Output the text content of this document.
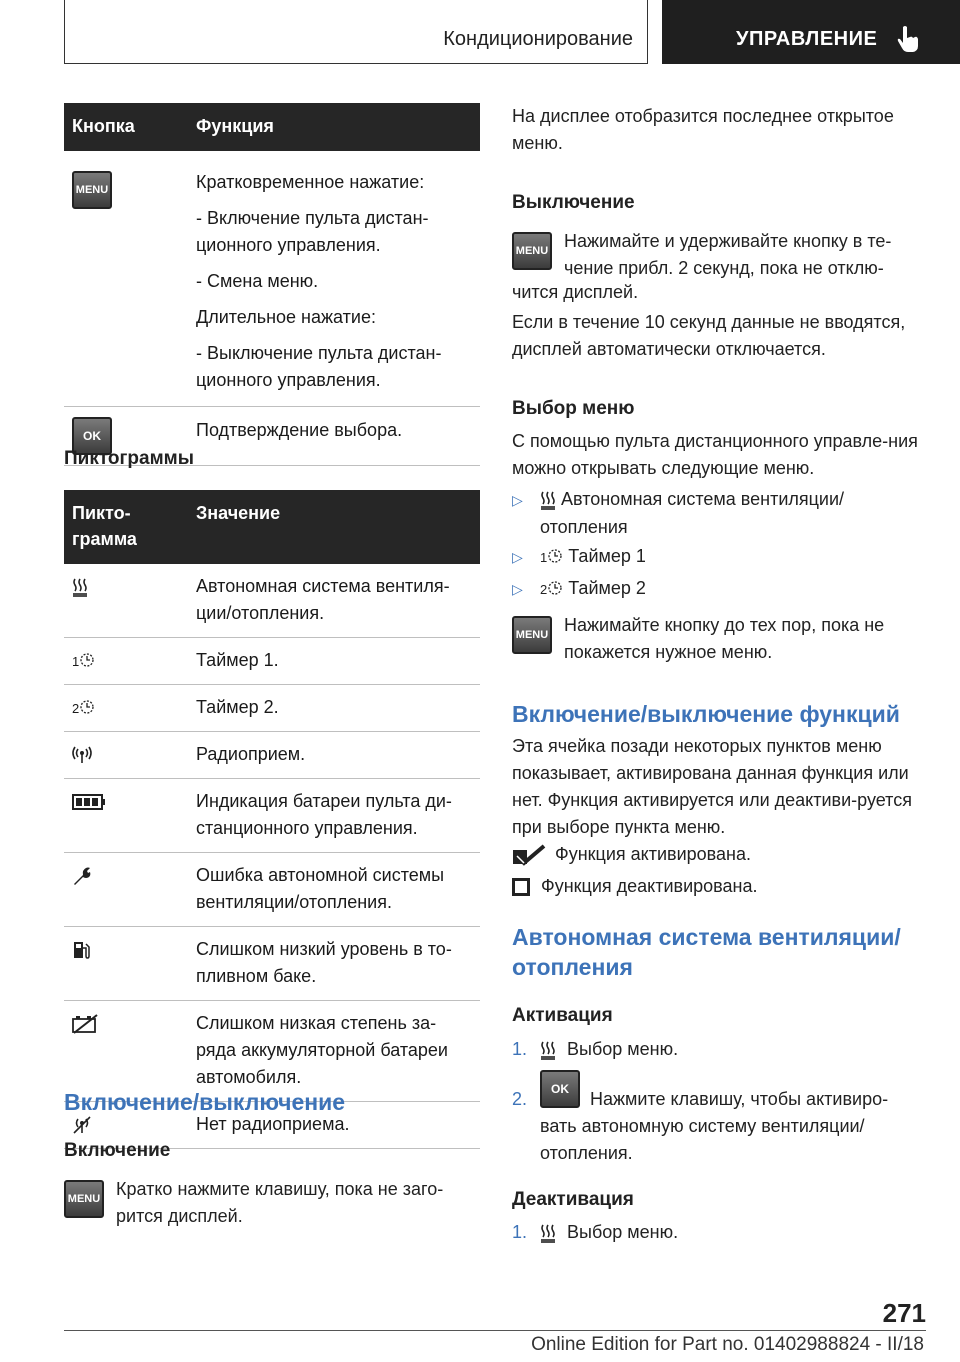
Кондиционирование	УПРАВЛЕНИЕ
Кнопка	Функция
MENU	Кратковременное нажатие:

- Включение пульта дистан-ционного управления.

- Смена меню.

Длительное нажатие:

- Выключение пульта дистан-ционного управления.

OK	Подтверждение выбора.

Пиктограммы
Пикто-грамма	Значение
	Автономная система вентиля-ции/отопления.

1	Таймер 1.

2	Таймер 2.
	Радиоприем.
	Индикация батареи пульта ди-станционного управления.
	Ошибка автономной системы вентиляции/отопления.
	Слишком низкий уровень в то-пливном баке.
	Слишком низкая степень за-ряда аккумуляторной батареи автомобиля.
	Нет радиоприема.
Включение/выключение
Включение
MENU Кратко нажмите клавишу, пока не заго-рится дисплей.
На дисплее отобразится последнее открытое меню.
Выключение
MENU Нажимайте и удерживайте кнопку в те-чение прибл. 2 секунд, пока не отклю-
чится дисплей.
Если в течение 10 секунд данные не вводятся, дисплей автоматически отключается.
Выбор меню
С помощью пульта дистанционного управле-ния можно открывать следующие меню.
▷ Автономная система вентиляции/
отопления
▷ 1 Таймер 1
▷ 2 Таймер 2
MENU Нажимайте кнопку до тех пор, пока не покажется нужное меню.
Включение/выключение функций
Эта ячейка позади некоторых пунктов меню показывает, активирована данная функция или нет. Функция активируется или деактиви-руется при выборе пункта меню.
Функция активирована.
Функция деактивирована.
Автономная система вентиляции/ отопления
Активация
1. Выбор меню.
2.	OK	Нажмите клавишу, чтобы активиро-вать автономную систему вентиляции/ отопления.
Деактивация
1. Выбор меню.
271
Online Edition for Part no. 01402988824 - II/18
